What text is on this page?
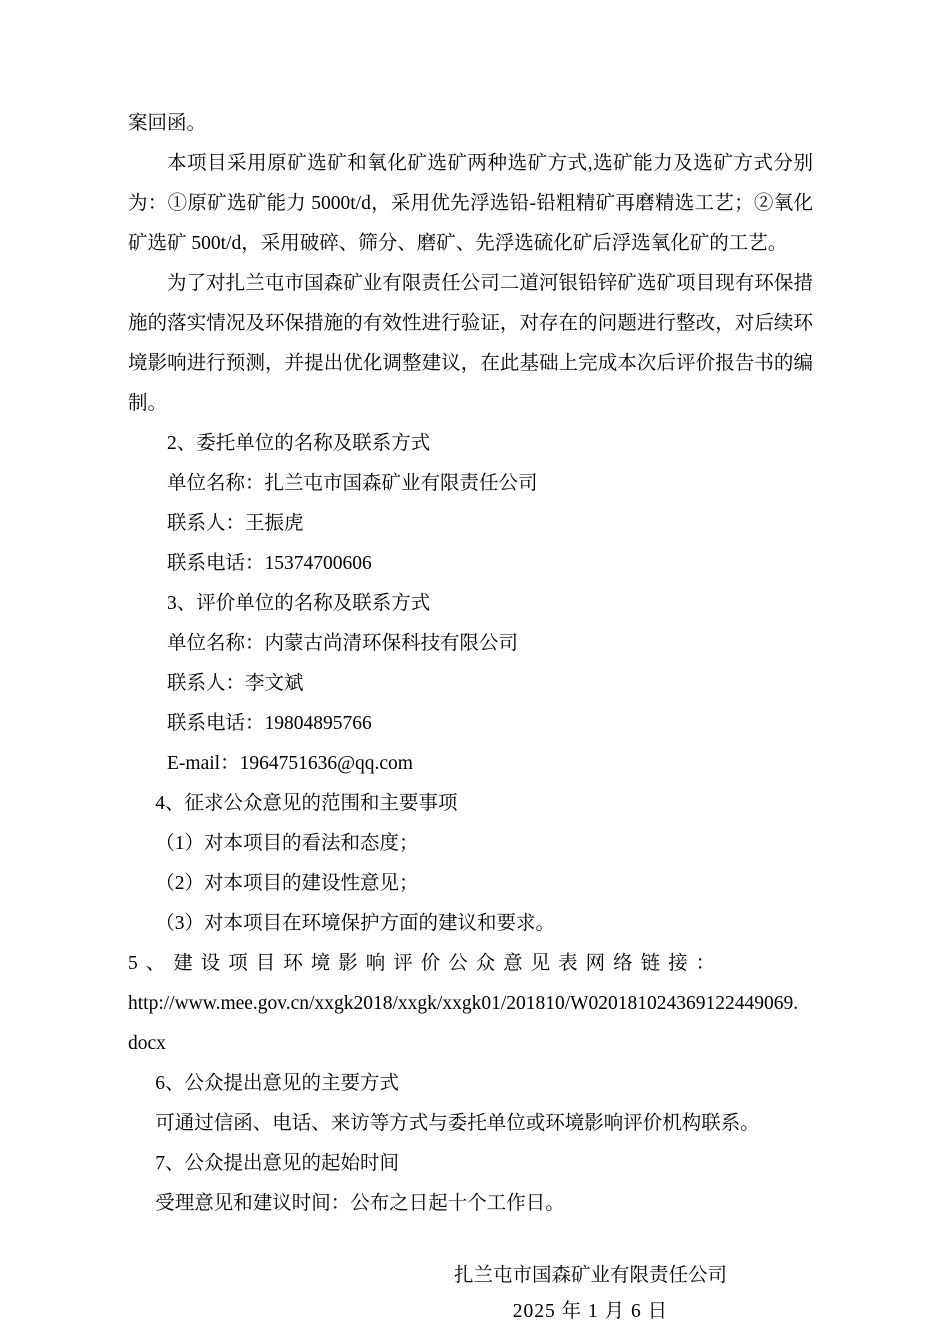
案回函。

本项目采用原矿选矿和氧化矿选矿两种选矿方式,选矿能力及选矿方式分别为：①原矿选矿能力 5000t/d，采用优先浮选铅-铅粗精矿再磨精选工艺；②氧化矿选矿 500t/d，采用破碎、筛分、磨矿、先浮选硫化矿后浮选氧化矿的工艺。

为了对扎兰屯市国森矿业有限责任公司二道河银铅锌矿选矿项目现有环保措施的落实情况及环保措施的有效性进行验证，对存在的问题进行整改，对后续环境影响进行预测，并提出优化调整建议，在此基础上完成本次后评价报告书的编制。

2、委托单位的名称及联系方式

单位名称：扎兰屯市国森矿业有限责任公司

联系人：王振虎

联系电话：15374700606

3、评价单位的名称及联系方式

单位名称：内蒙古尚清环保科技有限公司

联系人：李文斌

联系电话：19804895766

E-mail：1964751636@qq.com

4、征求公众意见的范围和主要事项

（1）对本项目的看法和态度；

（2）对本项目的建设性意见；

（3）对本项目在环境保护方面的建议和要求。

5 、 建 设 项 目 环 境 影 响 评 价 公 众 意 见 表 网 络 链 接 ：

http://www.mee.gov.cn/xxgk2018/xxgk/xxgk01/201810/W020181024369122449069.

docx

6、公众提出意见的主要方式

可通过信函、电话、来访等方式与委托单位或环境影响评价机构联系。

7、公众提出意见的起始时间

受理意见和建议时间：公布之日起十个工作日。

扎兰屯市国森矿业有限责任公司

2025 年 1 月 6 日
